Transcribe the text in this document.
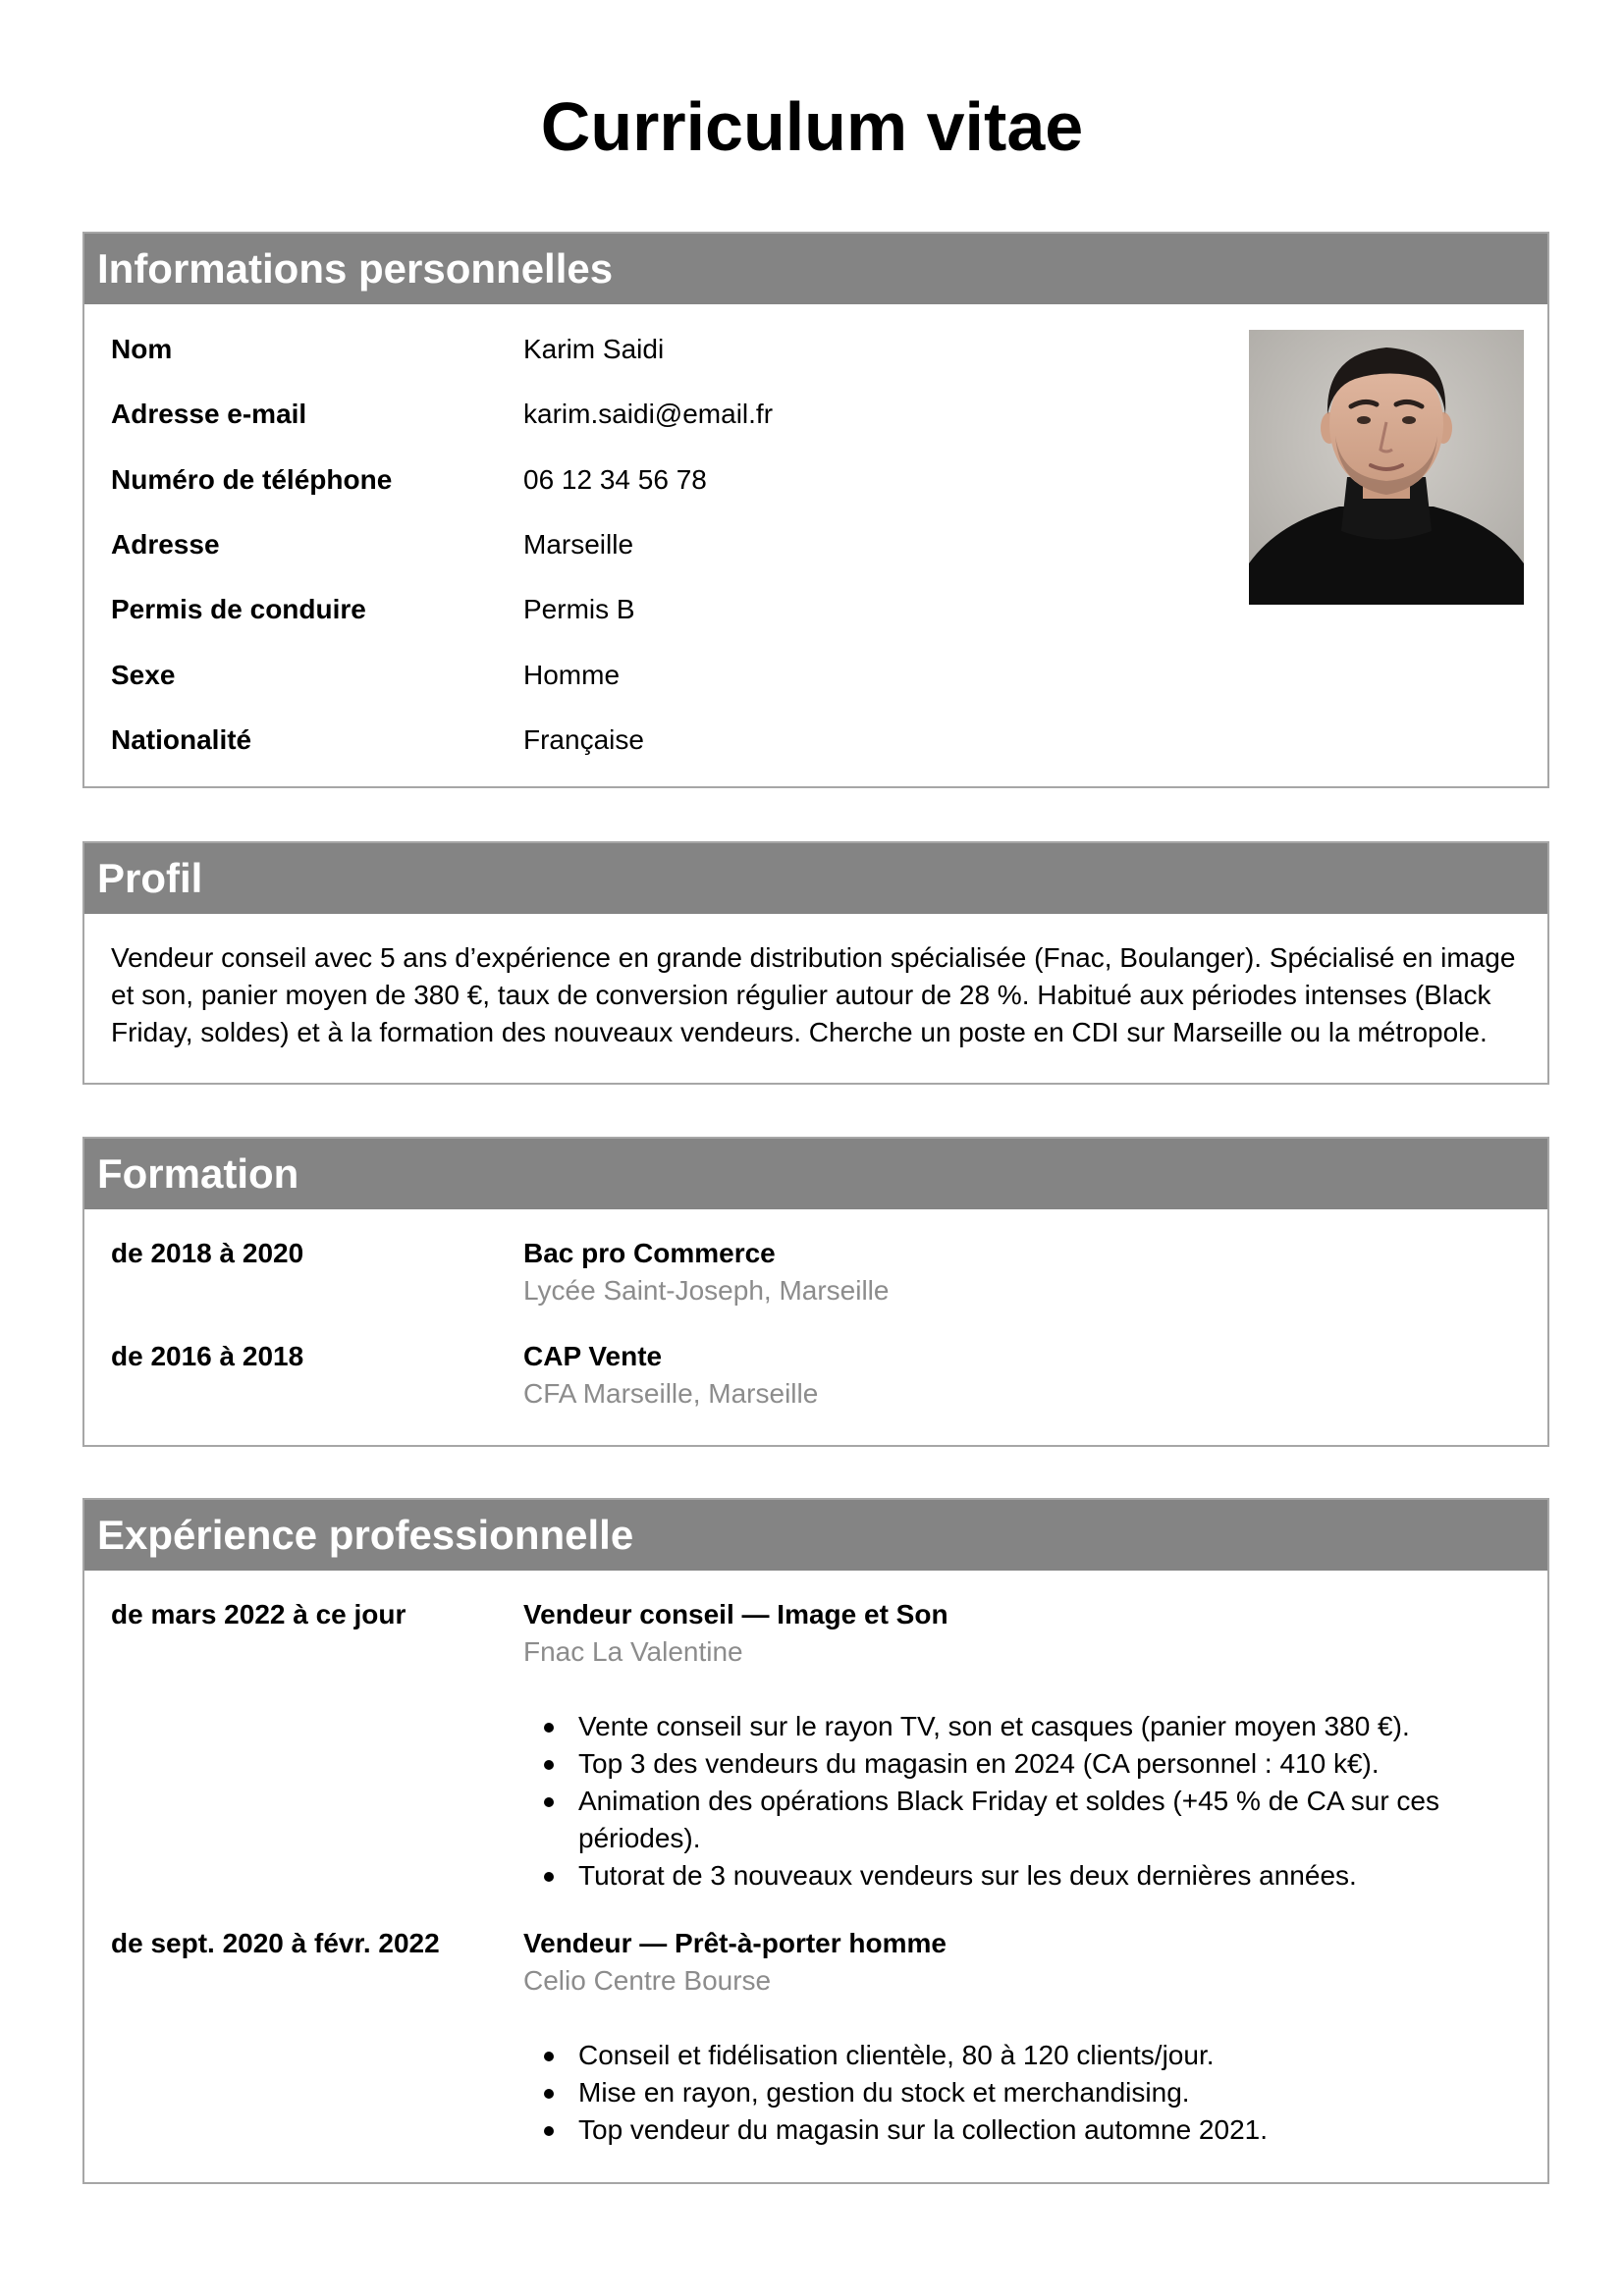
Curriculum vitae
Informations personnelles
Nom	Karim Saidi
Adresse e-mail	karim.saidi@email.fr
Numéro de téléphone	06 12 34 56 78
Adresse	Marseille
Permis de conduire	Permis B
Sexe	Homme
Nationalité	Française
Profil
Vendeur conseil avec 5 ans d’expérience en grande distribution spécialisée (Fnac, Boulanger). Spécialisé en image et son, panier moyen de 380 €, taux de conversion régulier autour de 28 %. Habitué aux périodes intenses (Black Friday, soldes) et à la formation des nouveaux vendeurs. Cherche un poste en CDI sur Marseille ou la métropole.
Formation
de 2018 à 2020	Bac pro Commerce
Lycée Saint-Joseph, Marseille
de 2016 à 2018	CAP Vente
CFA Marseille, Marseille
Expérience professionnelle
de mars 2022 à ce jour	Vendeur conseil — Image et Son
Fnac La Valentine
Vente conseil sur le rayon TV, son et casques (panier moyen 380 €).
Top 3 des vendeurs du magasin en 2024 (CA personnel : 410 k€).
Animation des opérations Black Friday et soldes (+45 % de CA sur ces périodes).
Tutorat de 3 nouveaux vendeurs sur les deux dernières années.
de sept. 2020 à févr. 2022	Vendeur — Prêt-à-porter homme
Celio Centre Bourse
Conseil et fidélisation clientèle, 80 à 120 clients/jour.
Mise en rayon, gestion du stock et merchandising.
Top vendeur du magasin sur la collection automne 2021.
